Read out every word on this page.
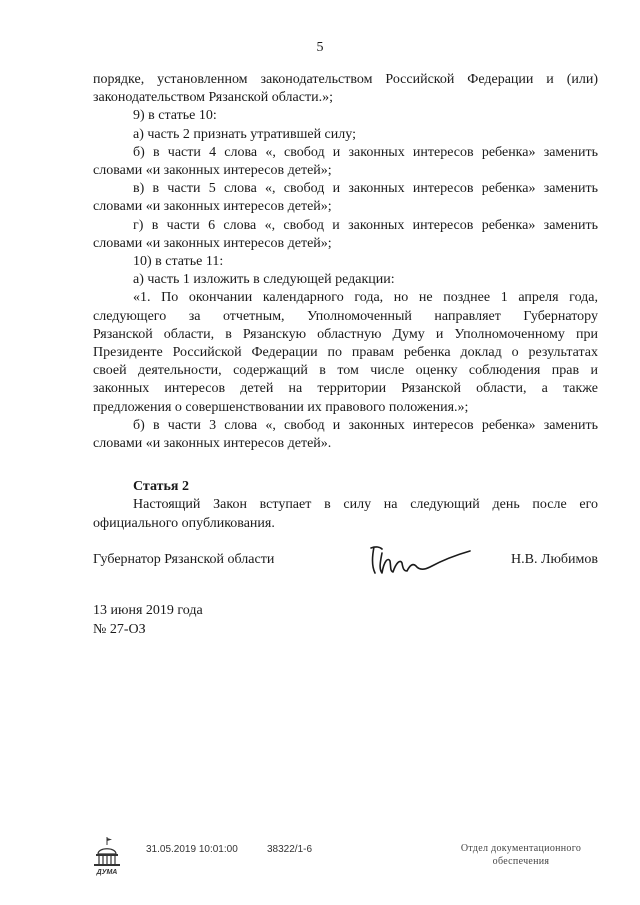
5

порядке, установленном законодательством Российской Федерации и (или)

законодательством Рязанской области.»;

9) в статье 10:

а) часть 2 признать утратившей силу;

б) в части 4 слова «, свобод и законных интересов ребенка» заменить

словами «и законных интересов детей»;

в) в части 5 слова «, свобод и законных интересов ребенка» заменить

словами «и законных интересов детей»;

г) в части 6 слова «, свобод и законных интересов ребенка» заменить

словами «и законных интересов детей»;

10) в статье 11:

а) часть 1 изложить в следующей редакции:

«1. По окончании календарного года, но не позднее 1 апреля года,

следующего за отчетным, Уполномоченный направляет Губернатору

Рязанской области, в Рязанскую областную Думу и Уполномоченному при

Президенте Российской Федерации по правам ребенка доклад о результатах

своей деятельности, содержащий в том числе оценку соблюдения прав и

законных интересов детей на территории Рязанской области, а также

предложения о совершенствовании их правового положения.»;

б) в части 3 слова «, свобод и законных интересов ребенка» заменить

словами «и законных интересов детей».

Статья 2

Настоящий Закон вступает в силу на следующий день после его

официального опубликования.

Губернатор Рязанской области	Н.В. Любимов
13 июня 2019 года
№ 27-ОЗ
ДУМА
31.05.2019 10:01:00	38322/1-6	Отдел документационного
обеспечения
